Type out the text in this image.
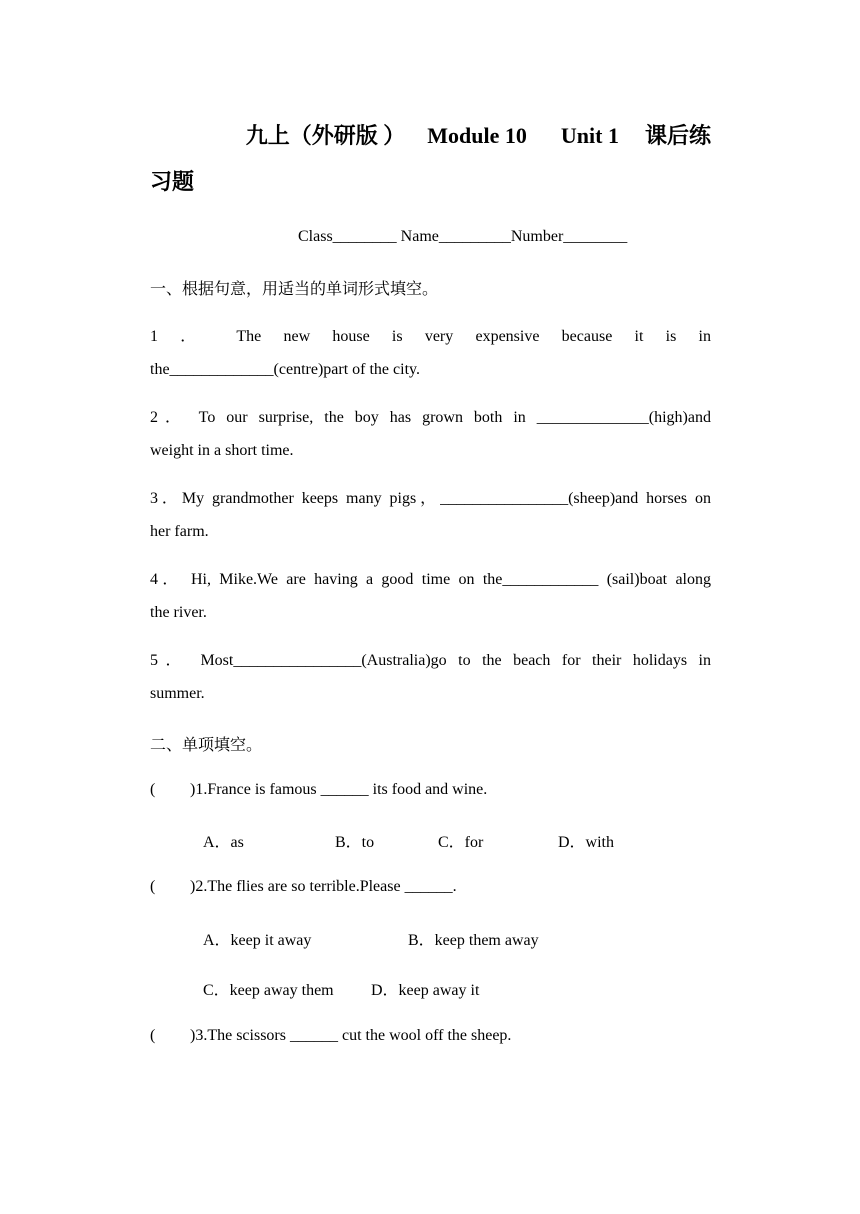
九上（外研版 ） Module 10 Unit 1 课后练
习题
Class________ Name_________Number________
一、根据句意，用适当的单词形式填空。
1 ． The new house is very expensive because it is in
the_____________(centre)part of the city.
2． To our surprise, the boy has grown both in ______________(high)and
weight in a short time.
3．My grandmother keeps many pigs，________________(sheep)and horses on
her farm.
4． Hi, Mike.We are having a good time on the____________ (sail)boat along
the river.
5． Most________________(Australia)go to the beach for their holidays in
summer.
二、单项填空。
( )1.France is famous ______ its food and wine.
A．as	B．to	C．for	D．with
( )2.The flies are so terrible.Please ______.
A．keep it away	B．keep them away
C．keep away them D．keep away it
( )3.The scissors ______ cut the wool off the sheep.
